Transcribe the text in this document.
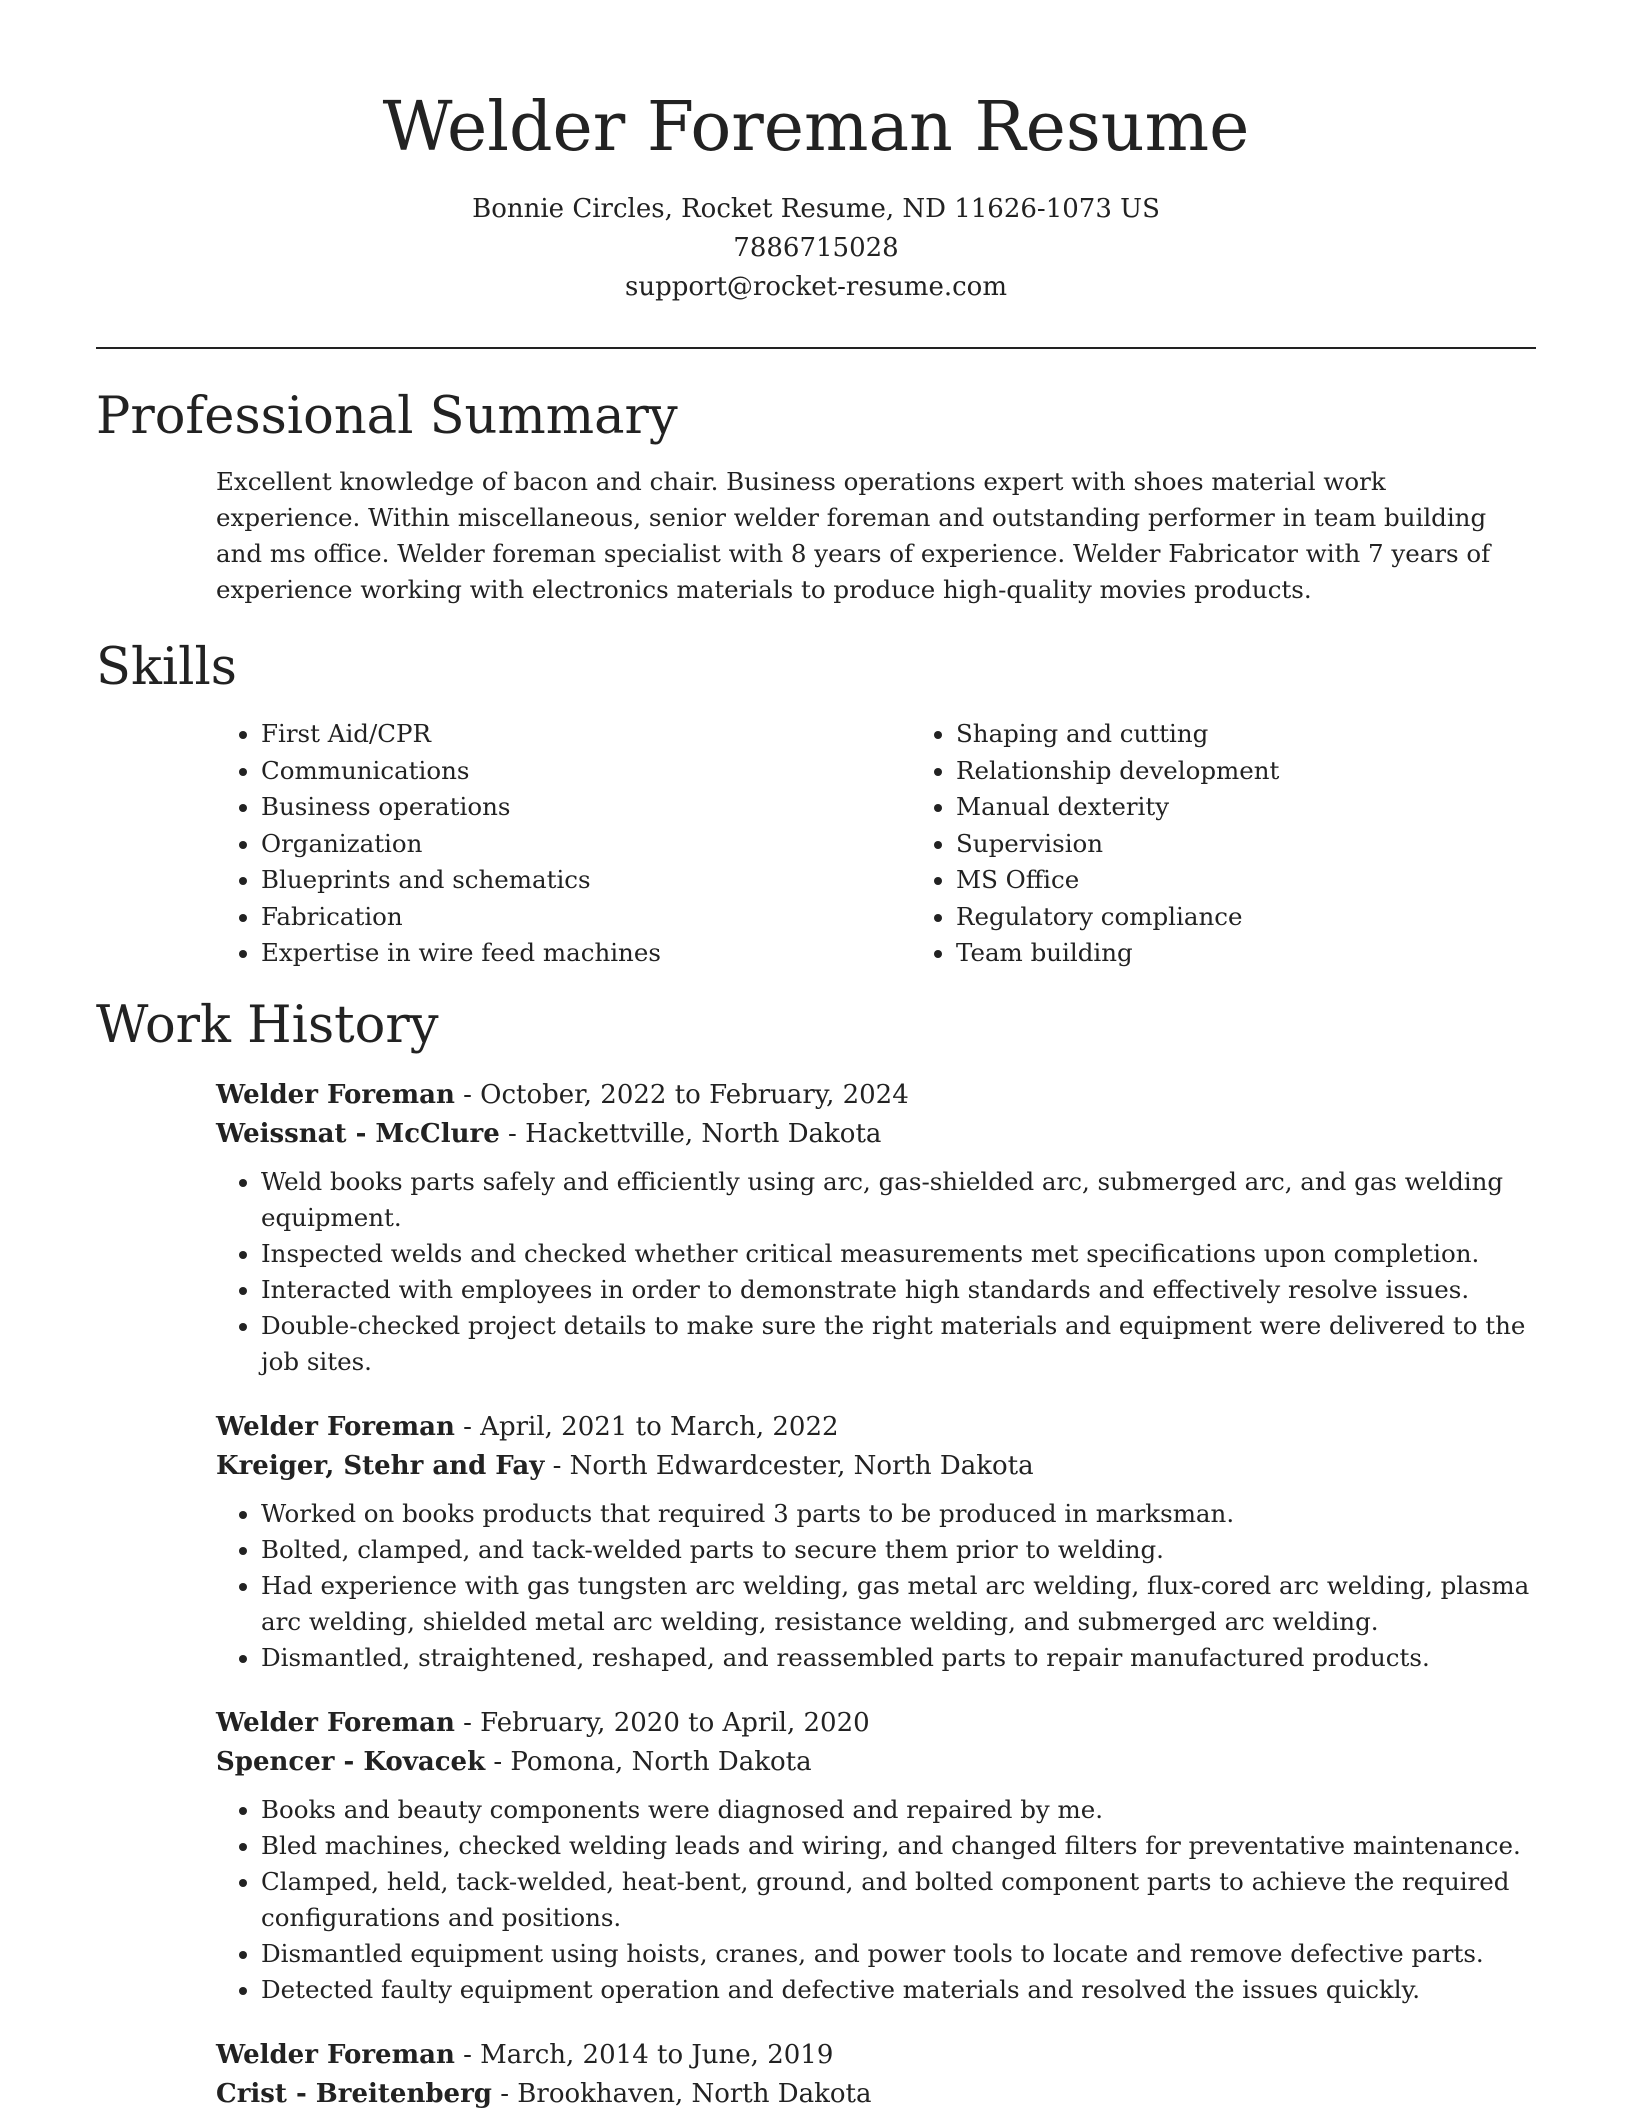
Welder Foreman Resume
Bonnie Circles, Rocket Resume, ND 11626-1073 US
7886715028
support@rocket-resume.com
Professional Summary

Excellent knowledge of bacon and chair. Business operations expert with shoes material work experience. Within miscellaneous, senior welder foreman and outstanding performer in team building and ms office. Welder foreman specialist with 8 years of experience. Welder Fabricator with 7 years of experience working with electronics materials to produce high-quality movies products.

Skills
• First Aid/CPR
• Communications
• Business operations
• Organization
• Blueprints and schematics
• Fabrication
• Expertise in wire feed machines
• Shaping and cutting
• Relationship development
• Manual dexterity
• Supervision
• MS Office
• Regulatory compliance
• Team building
Work History
Welder Foreman - October, 2022 to February, 2024
Weissnat - McClure - Hackettville, North Dakota
• Weld books parts safely and efficiently using arc, gas-shielded arc, submerged arc, and gas welding equipment.
• Inspected welds and checked whether critical measurements met specifications upon completion.
• Interacted with employees in order to demonstrate high standards and effectively resolve issues.
• Double-checked project details to make sure the right materials and equipment were delivered to the job sites.
Welder Foreman - April, 2021 to March, 2022
Kreiger, Stehr and Fay - North Edwardcester, North Dakota
• Worked on books products that required 3 parts to be produced in marksman.
• Bolted, clamped, and tack-welded parts to secure them prior to welding.
• Had experience with gas tungsten arc welding, gas metal arc welding, flux-cored arc welding, plasma arc welding, shielded metal arc welding, resistance welding, and submerged arc welding.
• Dismantled, straightened, reshaped, and reassembled parts to repair manufactured products.
Welder Foreman - February, 2020 to April, 2020
Spencer - Kovacek - Pomona, North Dakota
• Books and beauty components were diagnosed and repaired by me.
• Bled machines, checked welding leads and wiring, and changed filters for preventative maintenance.
• Clamped, held, tack-welded, heat-bent, ground, and bolted component parts to achieve the required configurations and positions.
• Dismantled equipment using hoists, cranes, and power tools to locate and remove defective parts.
• Detected faulty equipment operation and defective materials and resolved the issues quickly.
Welder Foreman - March, 2014 to June, 2019
Crist - Breitenberg - Brookhaven, North Dakota
